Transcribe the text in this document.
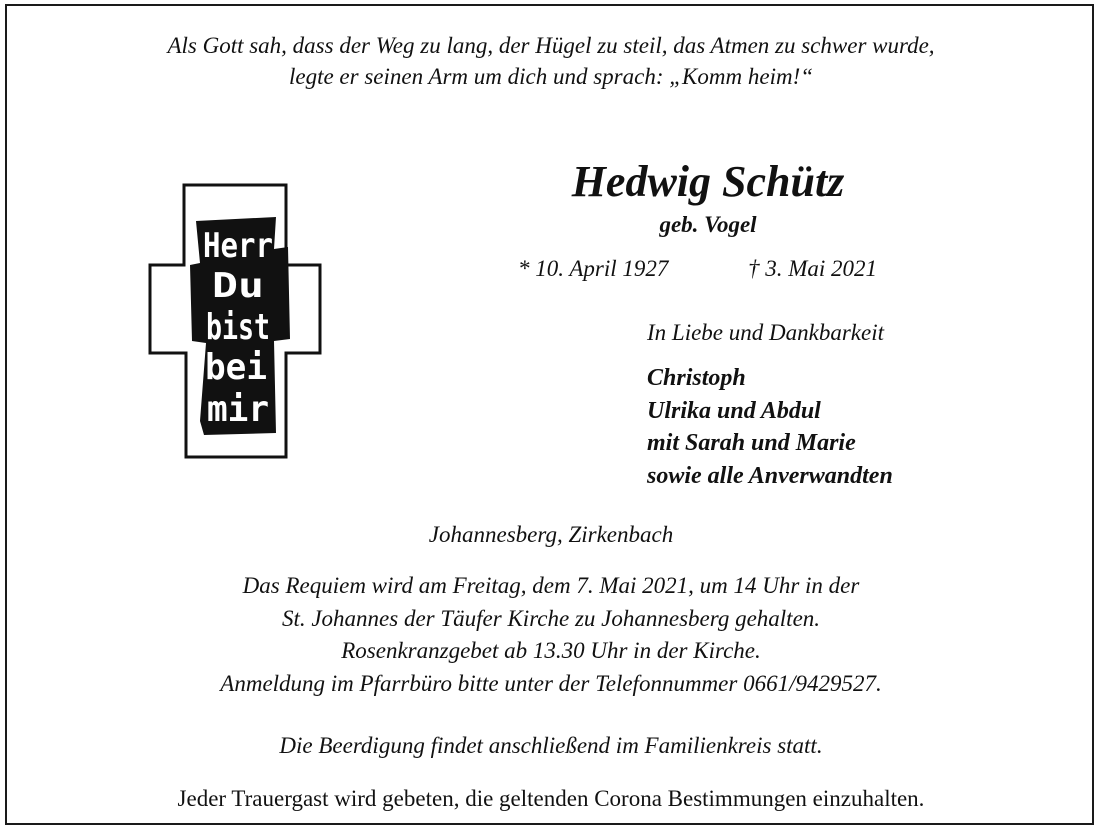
Als Gott sah, dass der Weg zu lang, der Hügel zu steil, das Atmen zu schwer wurde,
legte er seinen Arm um dich und sprach: „Komm heim!“
Herr
Du
bist
bei
mir
Hedwig Schütz
geb. Vogel
* 10. April 1927	† 3. Mai 2021
In Liebe und Dankbarkeit
Christoph
Ulrika und Abdul
mit Sarah und Marie
sowie alle Anverwandten
Johannesberg, Zirkenbach
Das Requiem wird am Freitag, dem 7. Mai 2021, um 14 Uhr in der
St. Johannes der Täufer Kirche zu Johannesberg gehalten.
Rosenkranzgebet ab 13.30 Uhr in der Kirche.
Anmeldung im Pfarrbüro bitte unter der Telefonnummer 0661/9429527.
Die Beerdigung findet anschließend im Familienkreis statt.
Jeder Trauergast wird gebeten, die geltenden Corona Bestimmungen einzuhalten.
